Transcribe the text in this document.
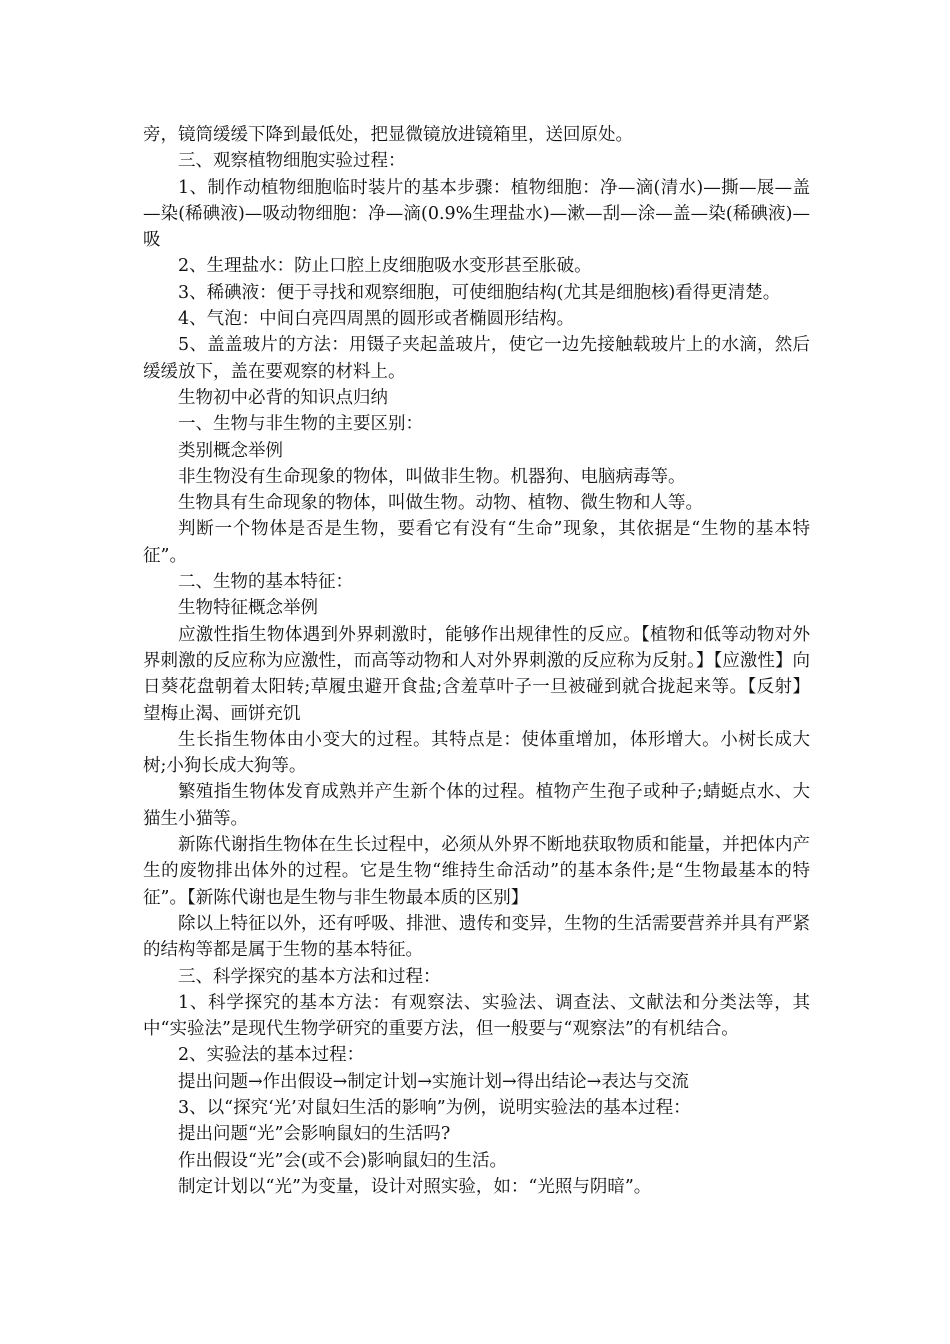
旁，镜筒缓缓下降到最低处，把显微镜放进镜箱里，送回原处。

三、观察植物细胞实验过程：

1、制作动植物细胞临时装片的基本步骤：植物细胞：净—滴(清水)—撕—展—盖—染(稀碘液)—吸动物细胞：净—滴(0.9%生理盐水)—漱—刮—涂—盖—染(稀碘液)—吸

2、生理盐水：防止口腔上皮细胞吸水变形甚至胀破。

3、稀碘液：便于寻找和观察细胞，可使细胞结构(尤其是细胞核)看得更清楚。

4、气泡：中间白亮四周黑的圆形或者椭圆形结构。

5、盖盖玻片的方法：用镊子夹起盖玻片，使它一边先接触载玻片上的水滴，然后缓缓放下，盖在要观察的材料上。

生物初中必背的知识点归纳

一、生物与非生物的主要区别：

类别概念举例

非生物没有生命现象的物体，叫做非生物。机器狗、电脑病毒等。

生物具有生命现象的物体，叫做生物。动物、植物、微生物和人等。

判断一个物体是否是生物，要看它有没有“生命”现象，其依据是“生物的基本特征”。

二、生物的基本特征：

生物特征概念举例

应激性指生物体遇到外界刺激时，能够作出规律性的反应。【植物和低等动物对外界刺激的反应称为应激性，而高等动物和人对外界刺激的反应称为反射。】【应激性】向日葵花盘朝着太阳转;草履虫避开食盐;含羞草叶子一旦被碰到就合拢起来等。【反射】望梅止渴、画饼充饥

生长指生物体由小变大的过程。其特点是：使体重增加，体形增大。小树长成大树;小狗长成大狗等。

繁殖指生物体发育成熟并产生新个体的过程。植物产生孢子或种子;蜻蜓点水、大猫生小猫等。

新陈代谢指生物体在生长过程中，必须从外界不断地获取物质和能量，并把体内产生的废物排出体外的过程。它是生物“维持生命活动”的基本条件;是“生物最基本的特征”。【新陈代谢也是生物与非生物最本质的区别】

除以上特征以外，还有呼吸、排泄、遗传和变异，生物的生活需要营养并具有严紧的结构等都是属于生物的基本特征。

三、科学探究的基本方法和过程：

1、科学探究的基本方法：有观察法、实验法、调查法、文献法和分类法等，其中“实验法”是现代生物学研究的重要方法，但一般要与“观察法”的有机结合。

2、实验法的基本过程：

提出问题→作出假设→制定计划→实施计划→得出结论→表达与交流

3、以“探究‘光’对鼠妇生活的影响”为例，说明实验法的基本过程：

提出问题“光”会影响鼠妇的生活吗?

作出假设“光”会(或不会)影响鼠妇的生活。

制定计划以“光”为变量，设计对照实验，如：“光照与阴暗”。
